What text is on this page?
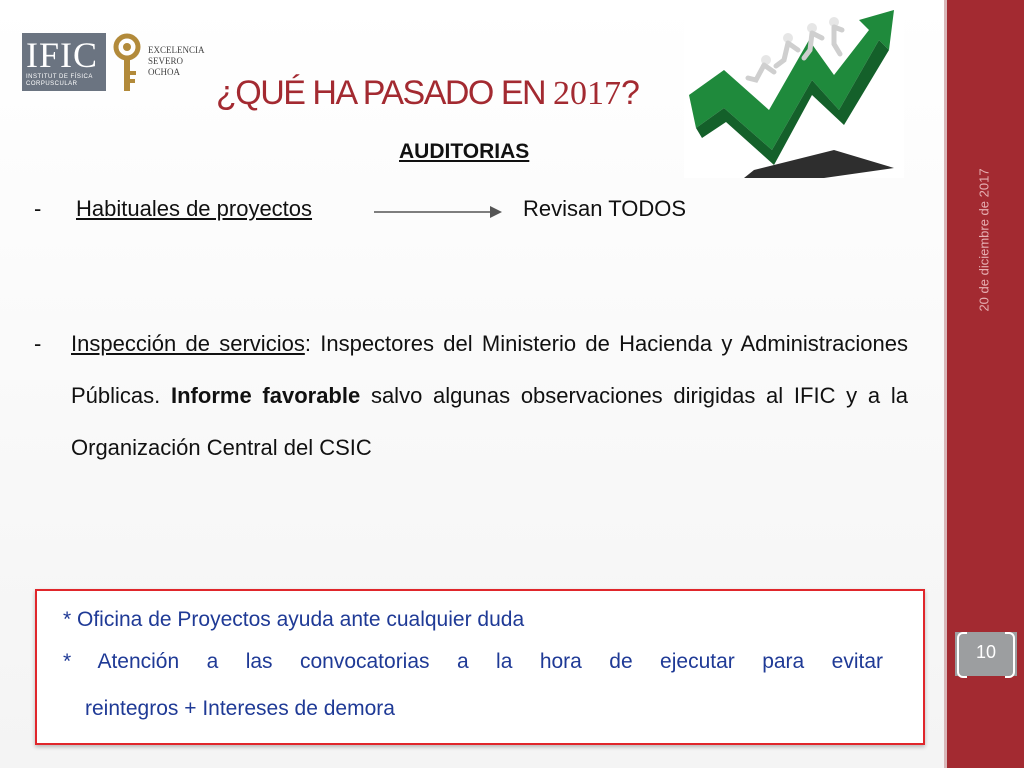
IFIC
INSTITUT DE FÍSICA
CORPUSCULAR
EXCELENCIA
SEVERO
OCHOA
¿QUÉ HA PASADO EN 2017?
AUDITORIAS
- Habituales de proyectos	Revisan TODOS
- Inspección de servicios: Inspectores del Ministerio de Hacienda y Administraciones Públicas. Informe favorable salvo algunas observaciones dirigidas al IFIC y a la Organización Central del CSIC

* Oficina de Proyectos ayuda ante cualquier duda

* Atención a las convocatorias a la hora de ejecutar para evitar

reintegros + Intereses de demora

20 de diciembre de 2017
10
